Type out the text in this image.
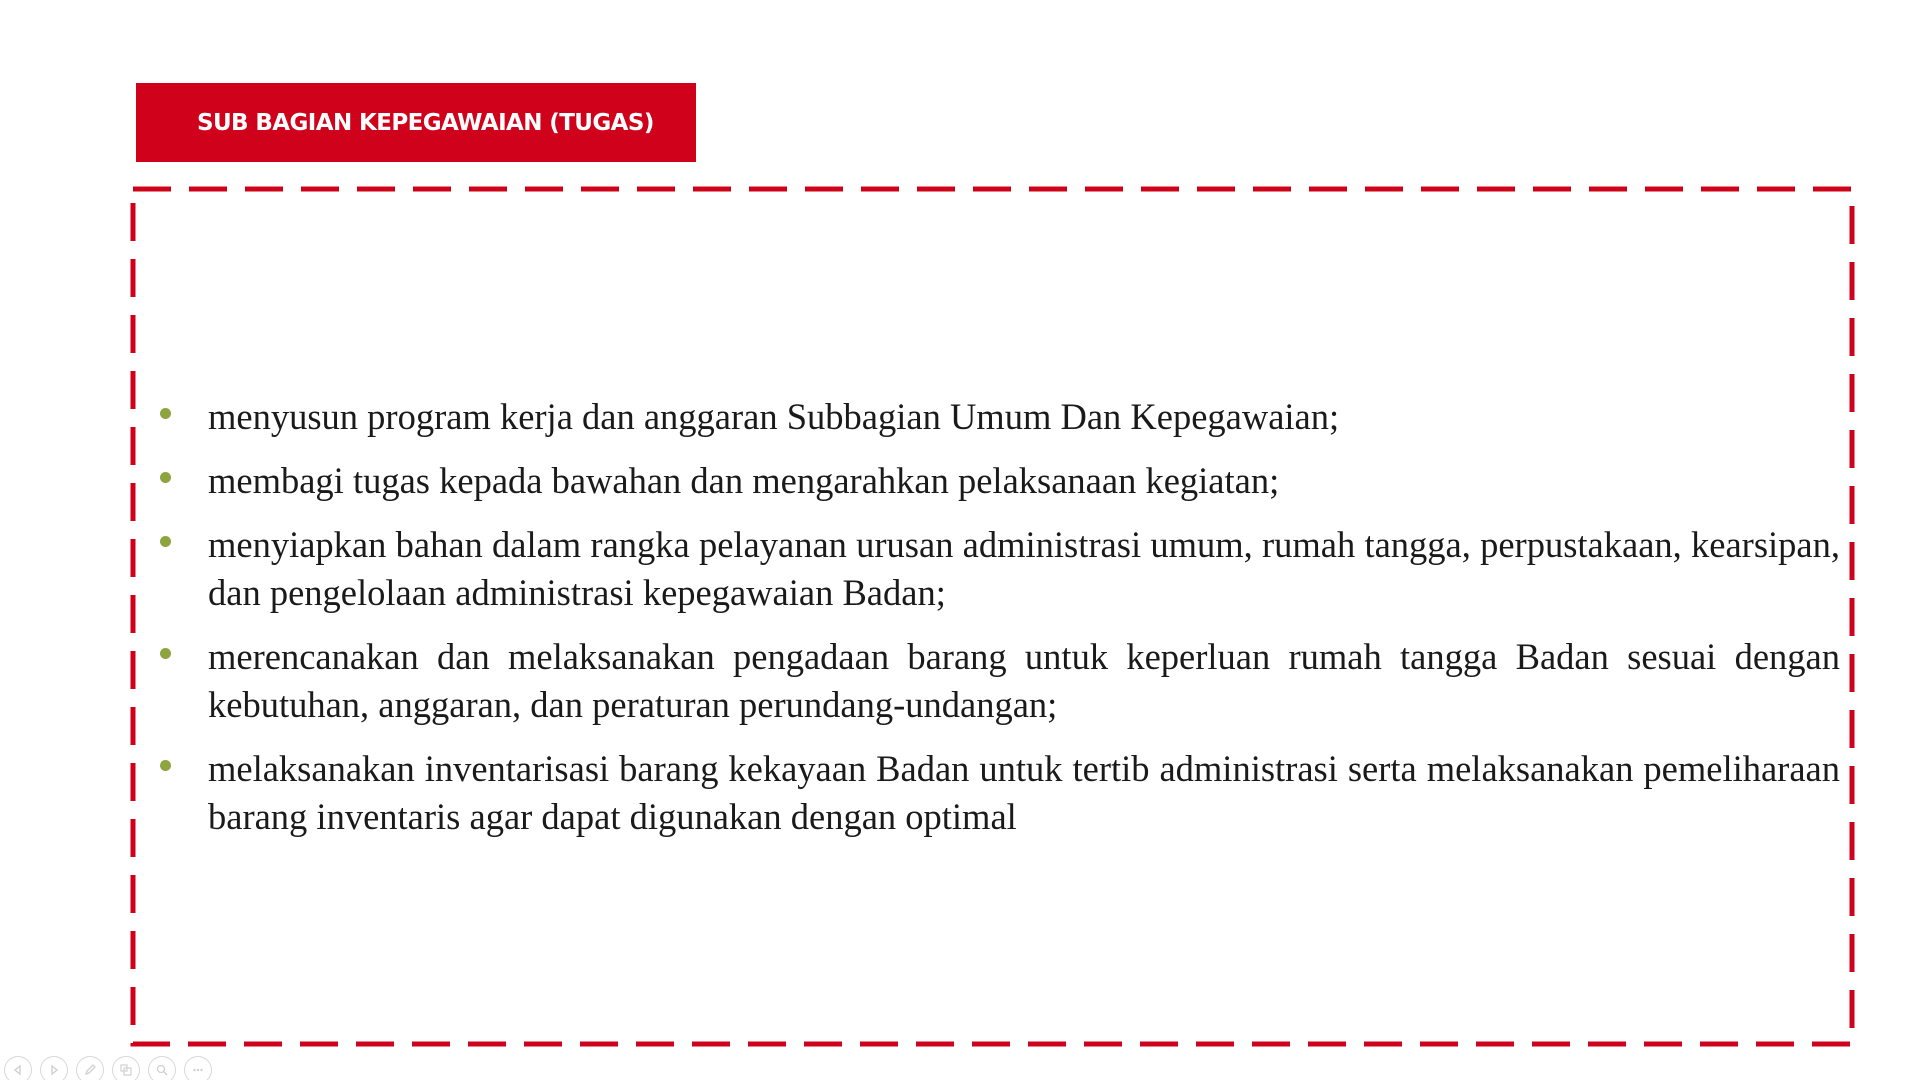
SUB BAGIAN KEPEGAWAIAN (TUGAS)
menyusun program kerja dan anggaran Subbagian Umum Dan Kepegawaian;
membagi tugas kepada bawahan dan mengarahkan pelaksanaan kegiatan;
menyiapkan bahan dalam rangka pelayanan urusan administrasi umum, rumah tangga, perpustakaan, kearsipan, dan pengelolaan administrasi kepegawaian Badan;
merencanakan dan melaksanakan pengadaan barang untuk keperluan rumah tangga Badan sesuai dengan kebutuhan, anggaran, dan peraturan perundang-undangan;
melaksanakan inventarisasi barang kekayaan Badan untuk tertib administrasi serta melaksanakan pemeliharaan barang inventaris agar dapat digunakan dengan optimal
